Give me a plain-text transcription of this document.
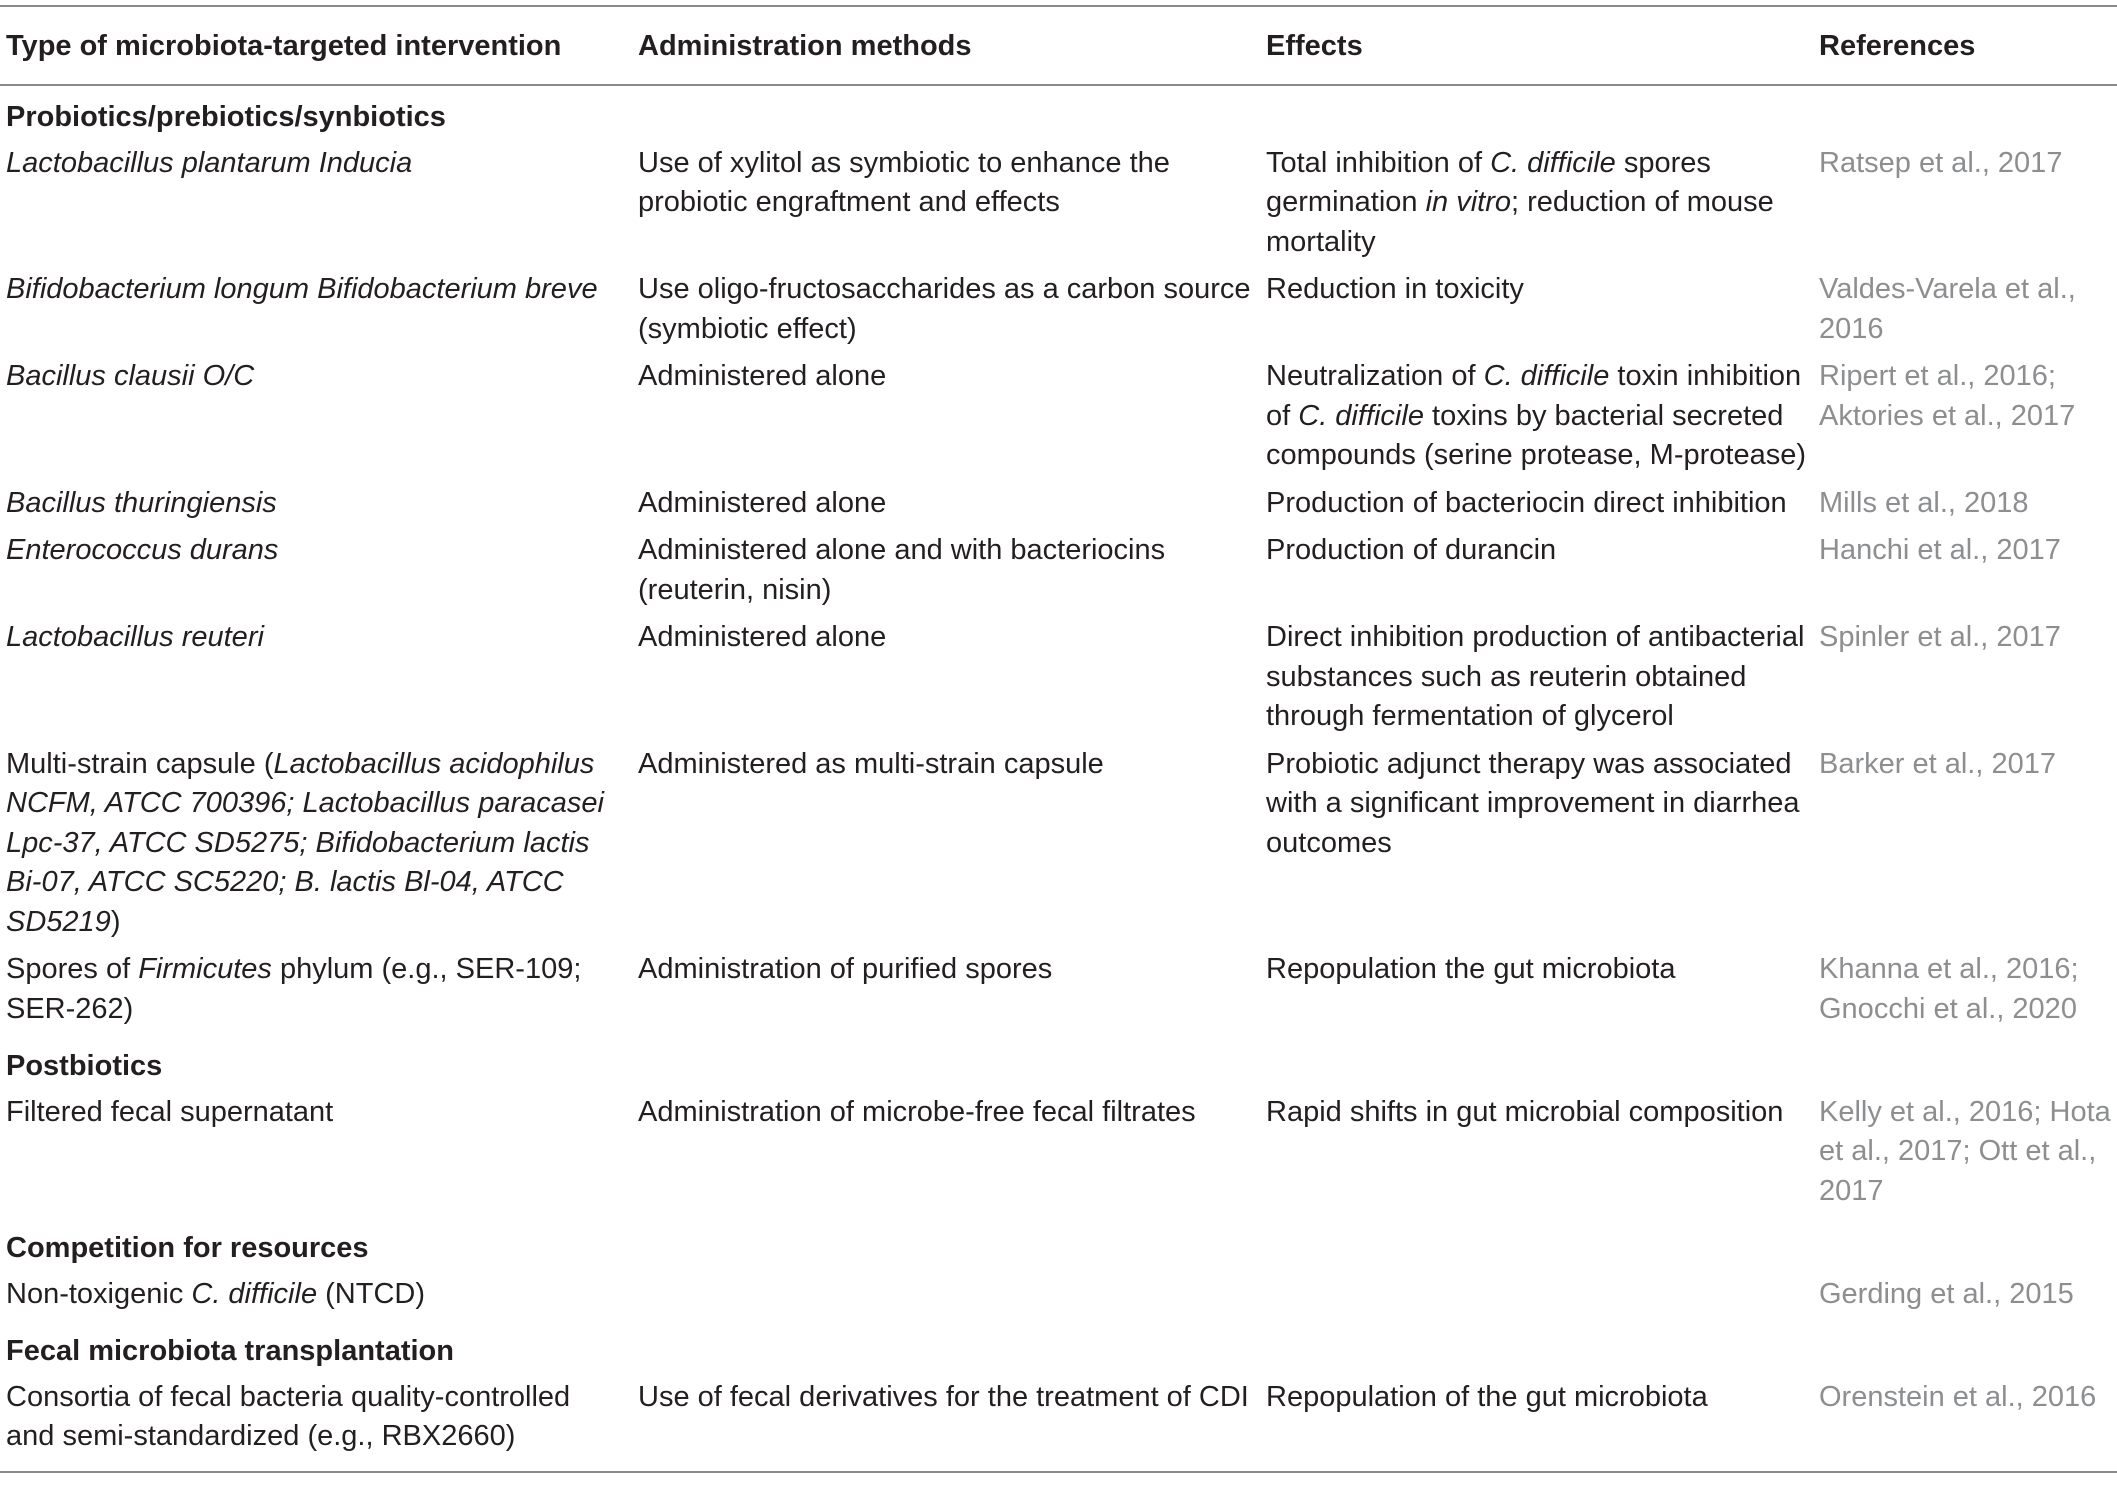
Type of microbiota-targeted intervention	Administration methods	Effects	References
Probiotics/prebiotics/synbiotics			
Lactobacillus plantarum Inducia	Use of xylitol as symbiotic to enhance the probiotic engraftment and effects	Total inhibition of C. difficile spores germination in vitro; reduction of mouse mortality	Ratsep et al., 2017
Bifidobacterium longum Bifidobacterium breve	Use oligo-fructosaccharides as a carbon source (symbiotic effect)	Reduction in toxicity	Valdes-Varela et al., 2016
Bacillus clausii O/C	Administered alone	Neutralization of C. difficile toxin inhibition of C. difficile toxins by bacterial secreted compounds (serine protease, M-protease)	Ripert et al., 2016; Aktories et al., 2017
Bacillus thuringiensis	Administered alone	Production of bacteriocin direct inhibition	Mills et al., 2018
Enterococcus durans	Administered alone and with bacteriocins (reuterin, nisin)	Production of durancin	Hanchi et al., 2017
Lactobacillus reuteri	Administered alone	Direct inhibition production of antibacterial substances such as reuterin obtained through fermentation of glycerol	Spinler et al., 2017
Multi-strain capsule (Lactobacillus acidophilus NCFM, ATCC 700396; Lactobacillus paracasei Lpc-37, ATCC SD5275; Bifidobacterium lactis Bi-07, ATCC SC5220; B. lactis Bl-04, ATCC SD5219)	Administered as multi-strain capsule	Probiotic adjunct therapy was associated with a significant improvement in diarrhea outcomes	Barker et al., 2017
Spores of Firmicutes phylum (e.g., SER-109; SER-262)	Administration of purified spores	Repopulation the gut microbiota	Khanna et al., 2016; Gnocchi et al., 2020
Postbiotics			
Filtered fecal supernatant	Administration of microbe-free fecal filtrates	Rapid shifts in gut microbial composition	Kelly et al., 2016; Hota et al., 2017; Ott et al., 2017
Competition for resources			
Non-toxigenic C. difficile (NTCD)			Gerding et al., 2015
Fecal microbiota transplantation			
Consortia of fecal bacteria quality-controlled and semi-standardized (e.g., RBX2660)	Use of fecal derivatives for the treatment of CDI	Repopulation of the gut microbiota	Orenstein et al., 2016
